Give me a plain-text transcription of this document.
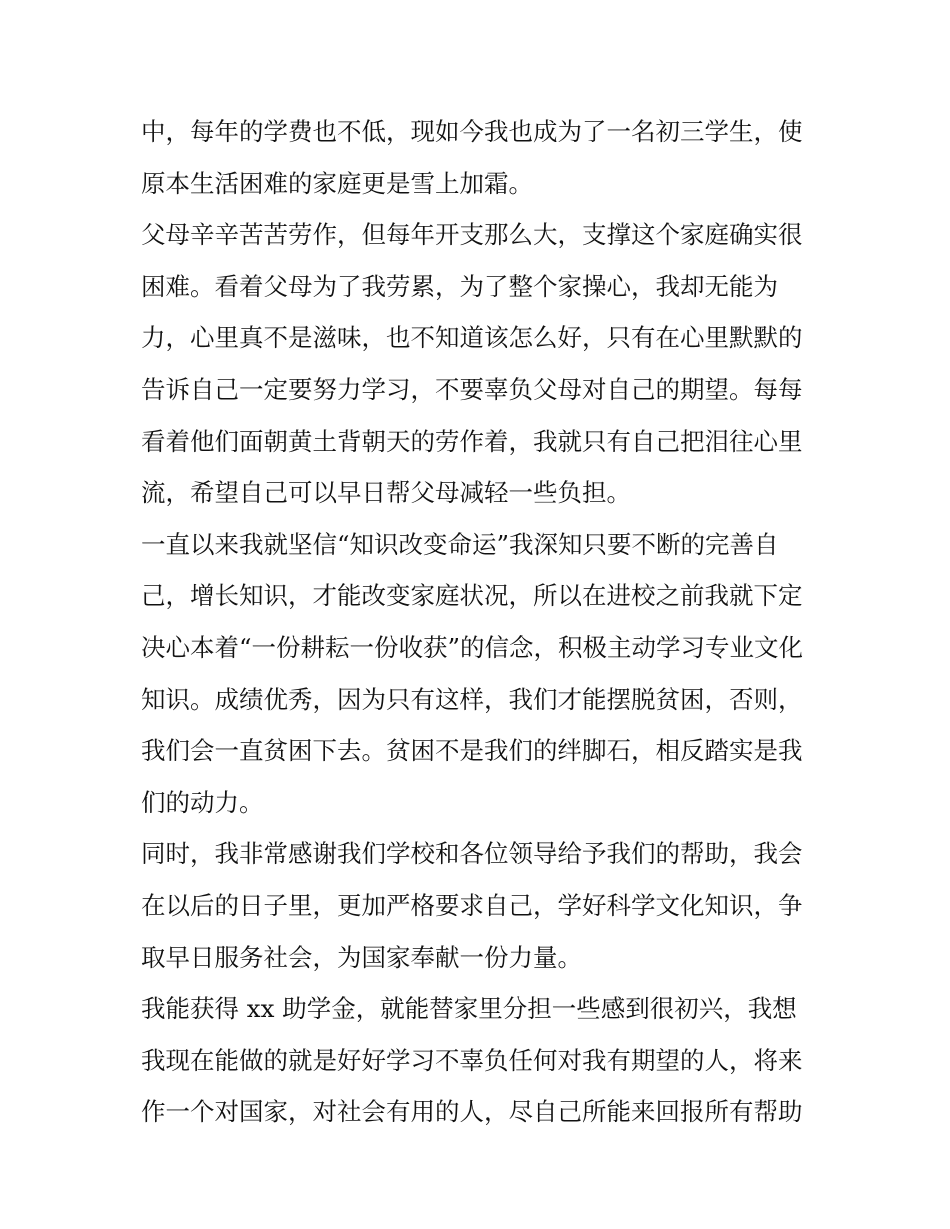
中，每年的学费也不低，现如今我也成为了一名初三学生，使
原本生活困难的家庭更是雪上加霜。
父母辛辛苦苦劳作，但每年开支那么大，支撑这个家庭确实很
困难。看着父母为了我劳累，为了整个家操心，我却无能为
力，心里真不是滋味，也不知道该怎么好，只有在心里默默的
告诉自己一定要努力学习，不要辜负父母对自己的期望。每每
看着他们面朝黄土背朝天的劳作着，我就只有自己把泪往心里
流，希望自己可以早日帮父母减轻一些负担。
一直以来我就坚信“知识改变命运”我深知只要不断的完善自
己，增长知识，才能改变家庭状况，所以在进校之前我就下定
决心本着“一份耕耘一份收获”的信念，积极主动学习专业文化
知识。成绩优秀，因为只有这样，我们才能摆脱贫困，否则，
我们会一直贫困下去。贫困不是我们的绊脚石，相反踏实是我
们的动力。
同时，我非常感谢我们学校和各位领导给予我们的帮助，我会
在以后的日子里，更加严格要求自己，学好科学文化知识，争
取早日服务社会，为国家奉献一份力量。
我能获得 xx 助学金，就能替家里分担一些感到很初兴，我想
我现在能做的就是好好学习不辜负任何对我有期望的人，将来
作一个对国家，对社会有用的人，尽自己所能来回报所有帮助
